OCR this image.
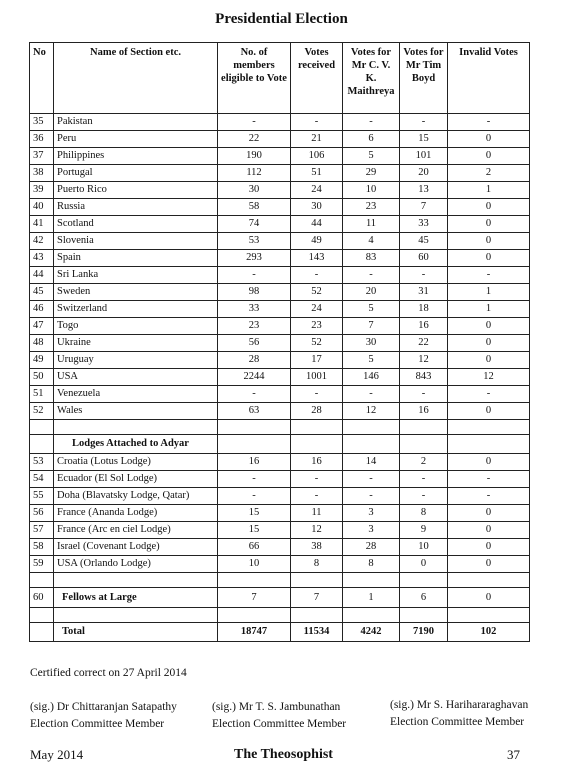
Presidential Election
No	Name of Section etc.	No. of members eligible to Vote	Votes received	Votes for Mr C. V. K. Maithreya	Votes for Mr Tim Boyd	Invalid Votes
35	Pakistan	-	-	-	-	-
36	Peru	22	21	6	15	0
37	Philippines	190	106	5	101	0
38	Portugal	112	51	29	20	2
39	Puerto Rico	30	24	10	13	1
40	Russia	58	30	23	7	0
41	Scotland	74	44	11	33	0
42	Slovenia	53	49	4	45	0
43	Spain	293	143	83	60	0
44	Sri Lanka	-	-	-	-	-
45	Sweden	98	52	20	31	1
46	Switzerland	33	24	5	18	1
47	Togo	23	23	7	16	0
48	Ukraine	56	52	30	22	0
49	Uruguay	28	17	5	12	0
50	USA	2244	1001	146	843	12
51	Venezuela	-	-	-	-	-
52	Wales	63	28	12	16	0

	Lodges Attached to Adyar					
53	Croatia (Lotus Lodge)	16	16	14	2	0
54	Ecuador (El Sol Lodge)	-	-	-	-	-
55	Doha (Blavatsky Lodge, Qatar)	-	-	-	-	-
56	France (Ananda Lodge)	15	11	3	8	0
57	France (Arc en ciel Lodge)	15	12	3	9	0
58	Israel (Covenant Lodge)	66	38	28	10	0
59	USA (Orlando Lodge)	10	8	8	0	0

60	Fellows at Large	7	7	1	6	0

	Total	18747	11534	4242	7190	102
Certified correct on 27 April 2014
(sig.) Dr Chittaranjan Satapathy
Election Committee Member
(sig.) Mr T. S. Jambunathan
Election Committee Member
(sig.) Mr S. Harihararaghavan
Election Committee Member
May 2014	The Theosophist	37
